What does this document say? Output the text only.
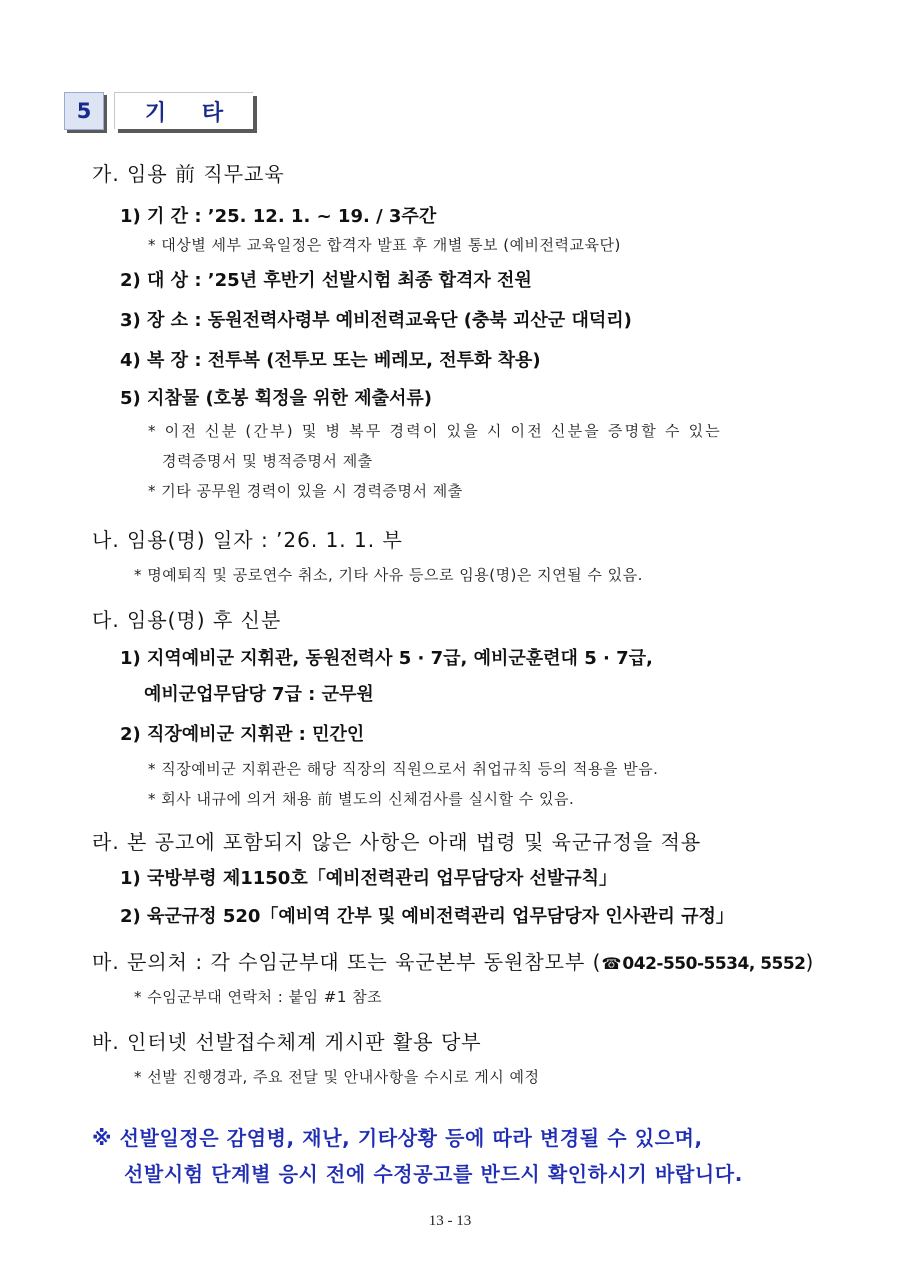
5	기 타
가. 임용 前 직무교육
1) 기 간 : ’25. 12. 1. ~ 19. / 3주간
* 대상별 세부 교육일정은 합격자 발표 후 개별 통보 (예비전력교육단)
2) 대 상 : ’25년 후반기 선발시험 최종 합격자 전원
3) 장 소 : 동원전력사령부 예비전력교육단 (충북 괴산군 대덕리)
4) 복 장 : 전투복 (전투모 또는 베레모, 전투화 착용)
5) 지참물 (호봉 획정을 위한 제출서류)
* 이전 신분 (간부) 및 병 복무 경력이 있을 시 이전 신분을 증명할 수 있는
경력증명서 및 병적증명서 제출
* 기타 공무원 경력이 있을 시 경력증명서 제출
나. 임용(명) 일자 : ’26. 1. 1. 부
* 명예퇴직 및 공로연수 취소, 기타 사유 등으로 임용(명)은 지연될 수 있음.
다. 임용(명) 후 신분
1) 지역예비군 지휘관, 동원전력사 5 · 7급, 예비군훈련대 5 · 7급,
예비군업무담당 7급 : 군무원
2) 직장예비군 지휘관 : 민간인
* 직장예비군 지휘관은 해당 직장의 직원으로서 취업규칙 등의 적용을 받음.
* 회사 내규에 의거 채용 前 별도의 신체검사를 실시할 수 있음.
라. 본 공고에 포함되지 않은 사항은 아래 법령 및 육군규정을 적용
1) 국방부령 제1150호「예비전력관리 업무담당자 선발규칙」
2) 육군규정 520「예비역 간부 및 예비전력관리 업무담당자 인사관리 규정」
마. 문의처 : 각 수임군부대 또는 육군본부 동원참모부 (☎042-550-5534, 5552)
* 수임군부대 연락처 : 붙임 #1 참조
바. 인터넷 선발접수체계 게시판 활용 당부
* 선발 진행경과, 주요 전달 및 안내사항을 수시로 게시 예정
※ 선발일정은 감염병, 재난, 기타상황 등에 따라 변경될 수 있으며,
선발시험 단계별 응시 전에 수정공고를 반드시 확인하시기 바랍니다.
13 - 13
